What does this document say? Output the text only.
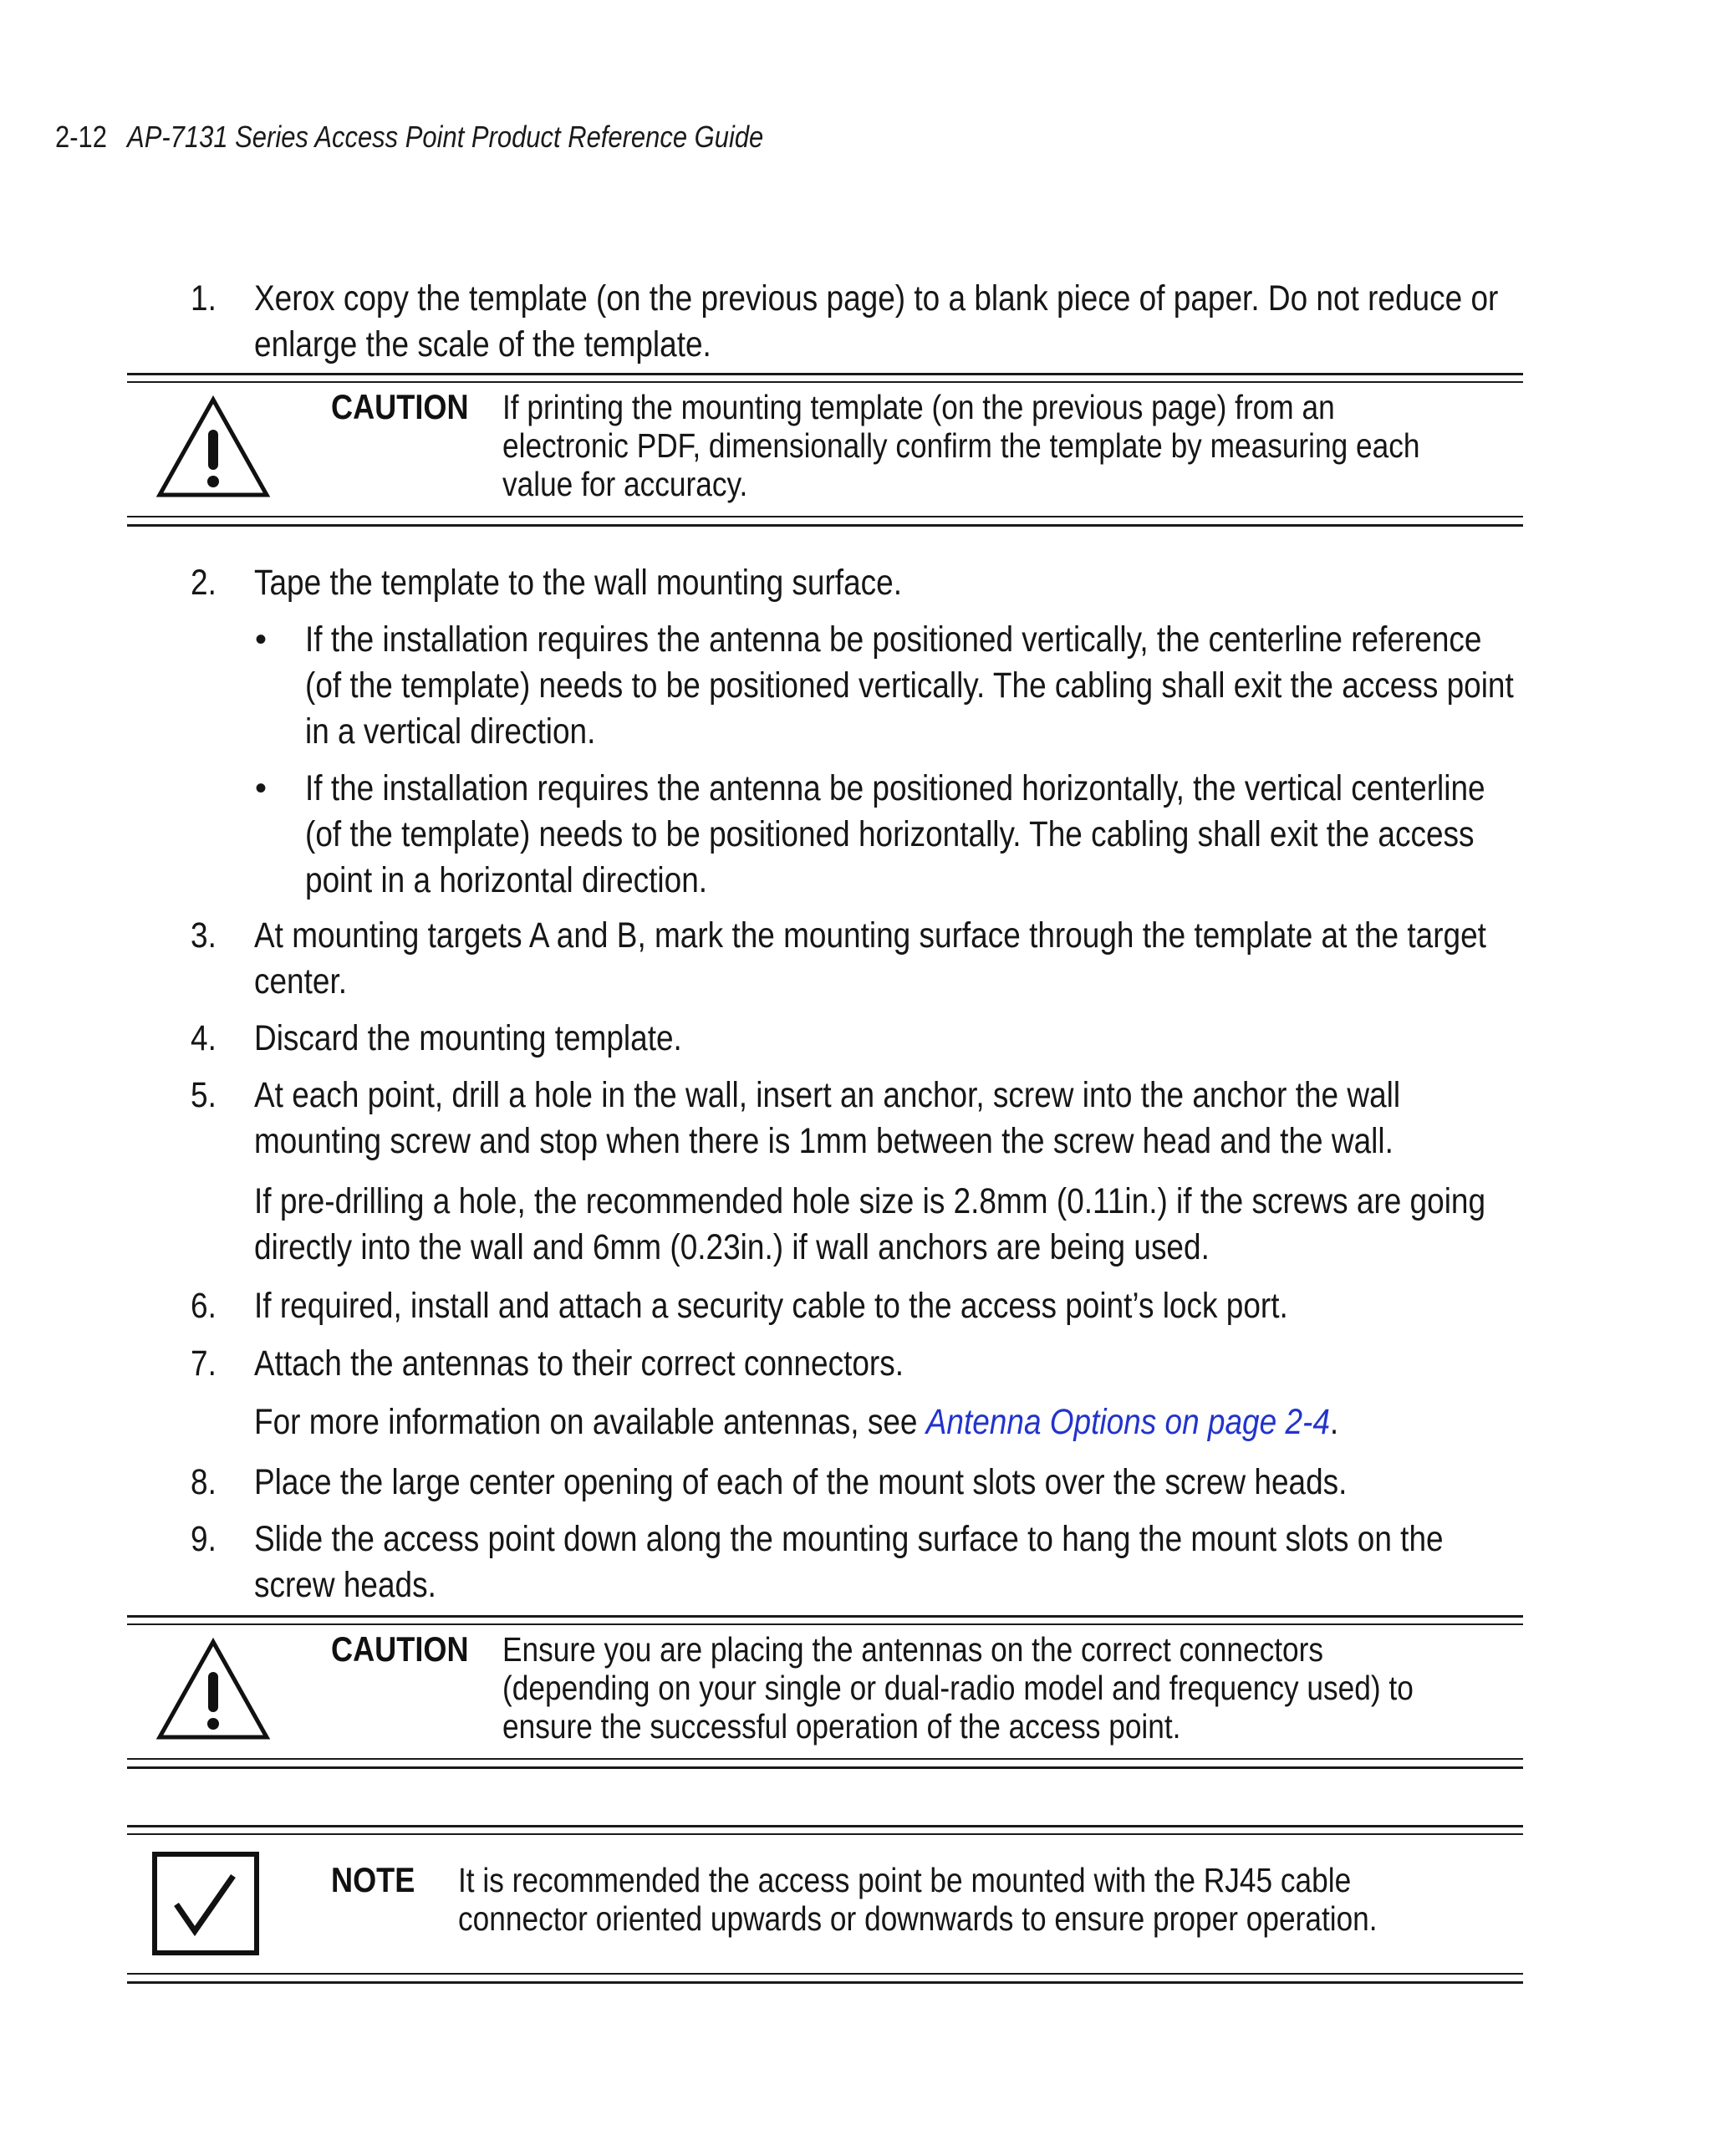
2-12 AP-7131 Series Access Point Product Reference Guide
1. Xerox copy the template (on the previous page) to a blank piece of paper. Do not reduce or
enlarge the scale of the template.
CAUTION If printing the mounting template (on the previous page) from an
electronic PDF, dimensionally confirm the template by measuring each
value for accuracy.
2. Tape the template to the wall mounting surface.
• If the installation requires the antenna be positioned vertically, the centerline reference
(of the template) needs to be positioned vertically. The cabling shall exit the access point
in a vertical direction.
• If the installation requires the antenna be positioned horizontally, the vertical centerline
(of the template) needs to be positioned horizontally. The cabling shall exit the access
point in a horizontal direction.
3. At mounting targets A and B, mark the mounting surface through the template at the target
center.
4. Discard the mounting template.
5. At each point, drill a hole in the wall, insert an anchor, screw into the anchor the wall
mounting screw and stop when there is 1mm between the screw head and the wall.
If pre-drilling a hole, the recommended hole size is 2.8mm (0.11in.) if the screws are going
directly into the wall and 6mm (0.23in.) if wall anchors are being used.
6. If required, install and attach a security cable to the access point’s lock port.
7. Attach the antennas to their correct connectors.
For more information on available antennas, see Antenna Options on page 2-4.
8. Place the large center opening of each of the mount slots over the screw heads.
9. Slide the access point down along the mounting surface to hang the mount slots on the
screw heads.
CAUTION Ensure you are placing the antennas on the correct connectors
(depending on your single or dual-radio model and frequency used) to
ensure the successful operation of the access point.
NOTE	It is recommended the access point be mounted with the RJ45 cable
connector oriented upwards or downwards to ensure proper operation.
